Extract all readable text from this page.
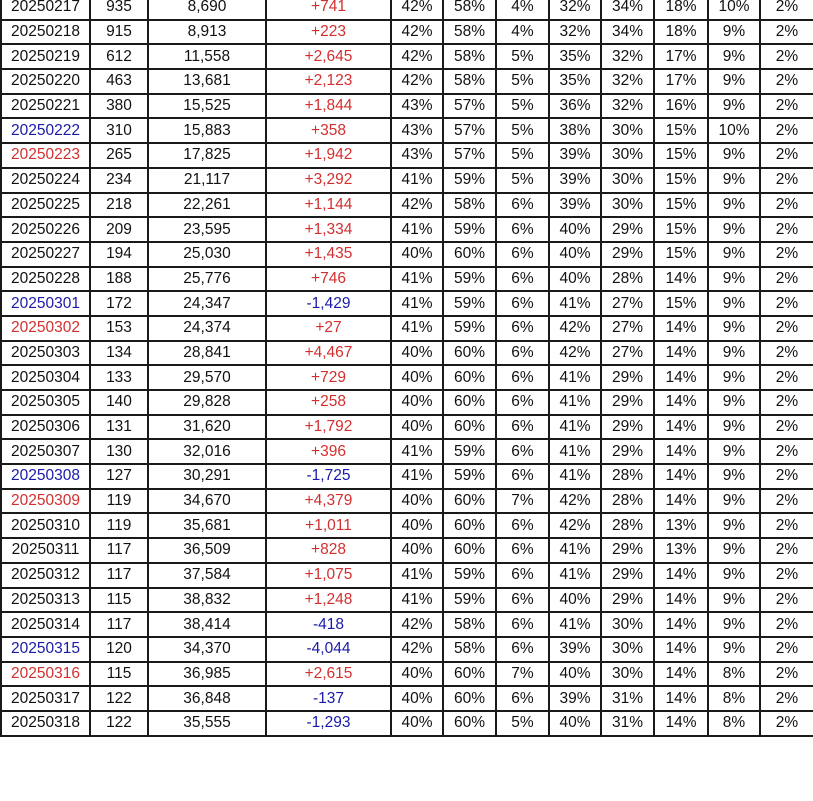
20250217	935	8,690	+741	42%	58%	4%	32%	34%	18%	10%	2%
20250218	915	8,913	+223	42%	58%	4%	32%	34%	18%	9%	2%
20250219	612	11,558	+2,645	42%	58%	5%	35%	32%	17%	9%	2%
20250220	463	13,681	+2,123	42%	58%	5%	35%	32%	17%	9%	2%
20250221	380	15,525	+1,844	43%	57%	5%	36%	32%	16%	9%	2%
20250222	310	15,883	+358	43%	57%	5%	38%	30%	15%	10%	2%
20250223	265	17,825	+1,942	43%	57%	5%	39%	30%	15%	9%	2%
20250224	234	21,117	+3,292	41%	59%	5%	39%	30%	15%	9%	2%
20250225	218	22,261	+1,144	42%	58%	6%	39%	30%	15%	9%	2%
20250226	209	23,595	+1,334	41%	59%	6%	40%	29%	15%	9%	2%
20250227	194	25,030	+1,435	40%	60%	6%	40%	29%	15%	9%	2%
20250228	188	25,776	+746	41%	59%	6%	40%	28%	14%	9%	2%
20250301	172	24,347	-1,429	41%	59%	6%	41%	27%	15%	9%	2%
20250302	153	24,374	+27	41%	59%	6%	42%	27%	14%	9%	2%
20250303	134	28,841	+4,467	40%	60%	6%	42%	27%	14%	9%	2%
20250304	133	29,570	+729	40%	60%	6%	41%	29%	14%	9%	2%
20250305	140	29,828	+258	40%	60%	6%	41%	29%	14%	9%	2%
20250306	131	31,620	+1,792	40%	60%	6%	41%	29%	14%	9%	2%
20250307	130	32,016	+396	41%	59%	6%	41%	29%	14%	9%	2%
20250308	127	30,291	-1,725	41%	59%	6%	41%	28%	14%	9%	2%
20250309	119	34,670	+4,379	40%	60%	7%	42%	28%	14%	9%	2%
20250310	119	35,681	+1,011	40%	60%	6%	42%	28%	13%	9%	2%
20250311	117	36,509	+828	40%	60%	6%	41%	29%	13%	9%	2%
20250312	117	37,584	+1,075	41%	59%	6%	41%	29%	14%	9%	2%
20250313	115	38,832	+1,248	41%	59%	6%	40%	29%	14%	9%	2%
20250314	117	38,414	-418	42%	58%	6%	41%	30%	14%	9%	2%
20250315	120	34,370	-4,044	42%	58%	6%	39%	30%	14%	9%	2%
20250316	115	36,985	+2,615	40%	60%	7%	40%	30%	14%	8%	2%
20250317	122	36,848	-137	40%	60%	6%	39%	31%	14%	8%	2%
20250318	122	35,555	-1,293	40%	60%	5%	40%	31%	14%	8%	2%
